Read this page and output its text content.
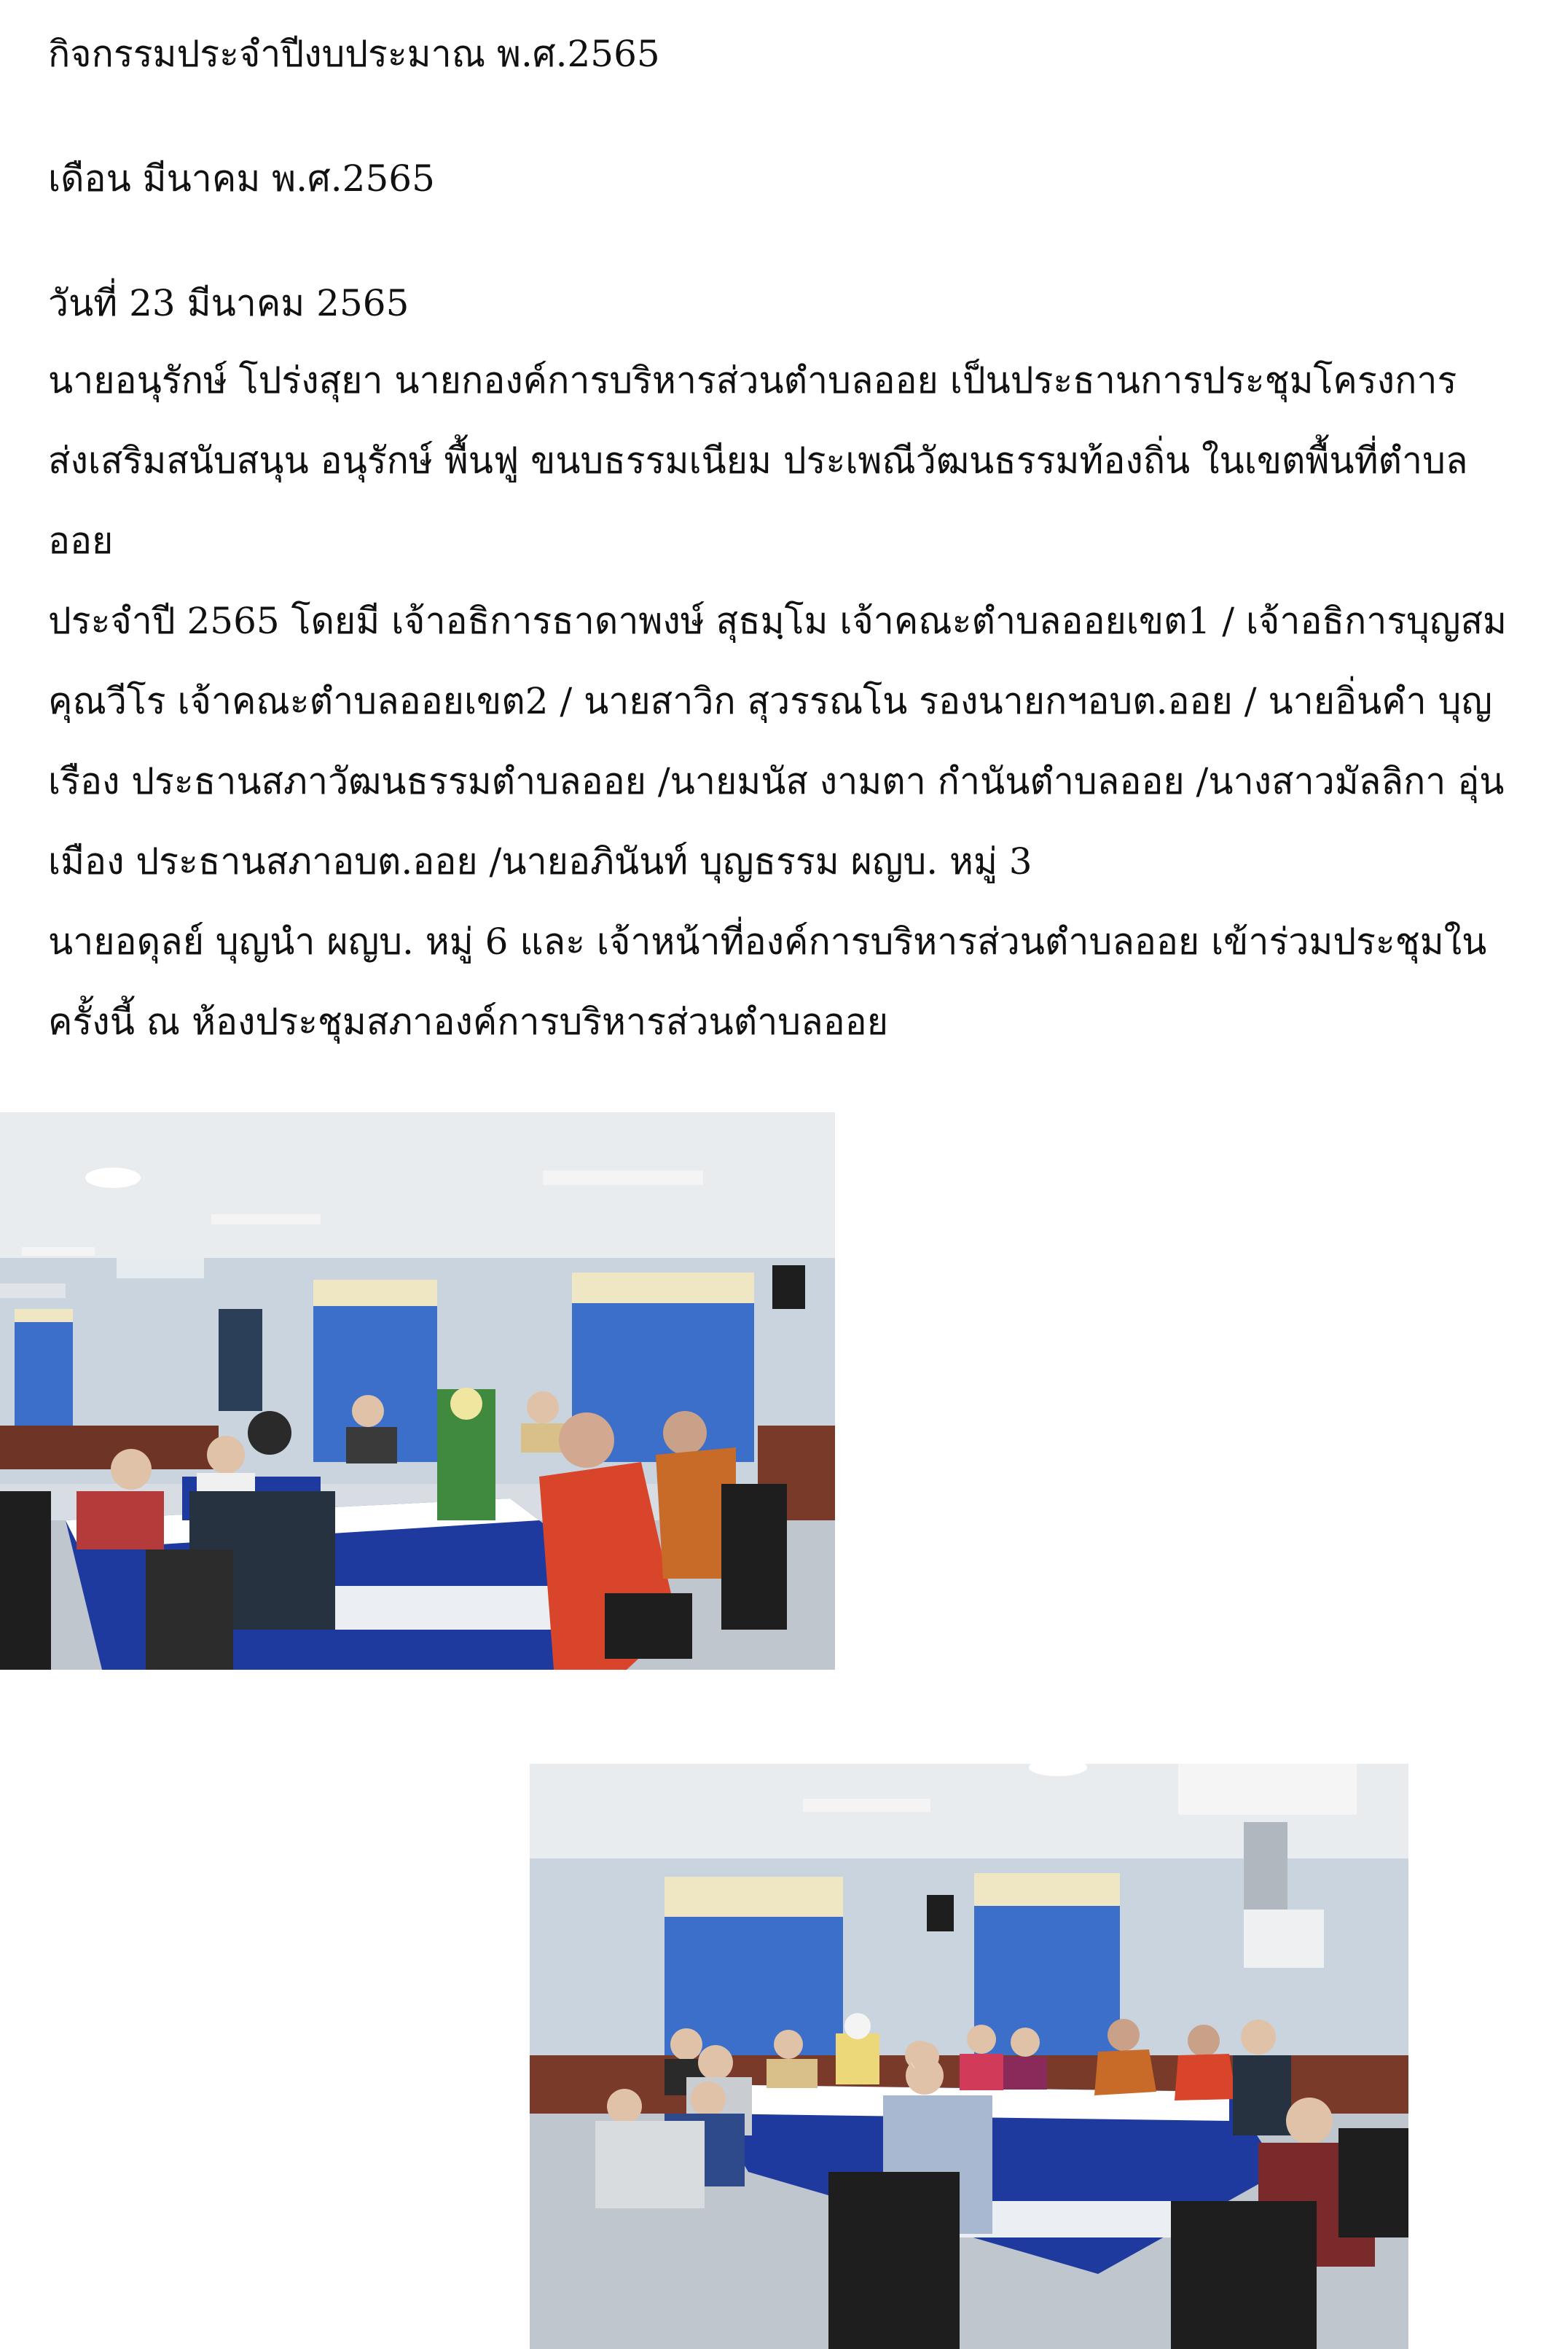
กิจกรรมประจำปีงบประมาณ พ.ศ.2565

เดือน มีนาคม พ.ศ.2565

วันที่ 23 มีนาคม 2565

นายอนุรักษ์ โปร่งสุยา นายกองค์การบริหารส่วนตำบลออย เป็นประธานการประชุมโครงการ

ส่งเสริมสนับสนุน อนุรักษ์ พื้นฟู ขนบธรรมเนียม ประเพณีวัฒนธรรมท้องถิ่น ในเขตพื้นที่ตำบล

ออย

ประจำปี 2565 โดยมี เจ้าอธิการธาดาพงษ์ สุธมฺโม เจ้าคณะตำบลออยเขต1 / เจ้าอธิการบุญสม

คุณวีโร เจ้าคณะตำบลออยเขต2 / นายสาวิก สุวรรณโน รองนายกฯอบต.ออย / นายอิ่นคำ บุญ

เรือง ประธานสภาวัฒนธรรมตำบลออย /นายมนัส งามตา กำนันตำบลออย /นางสาวมัลลิกา อุ่น

เมือง ประธานสภาอบต.ออย /นายอภินันท์ บุญธรรม ผญบ. หมู่ 3

นายอดุลย์ บุญนำ ผญบ. หมู่ 6 และ เจ้าหน้าที่องค์การบริหารส่วนตำบลออย เข้าร่วมประชุมใน

ครั้งนี้ ณ ห้องประชุมสภาองค์การบริหารส่วนตำบลออย
